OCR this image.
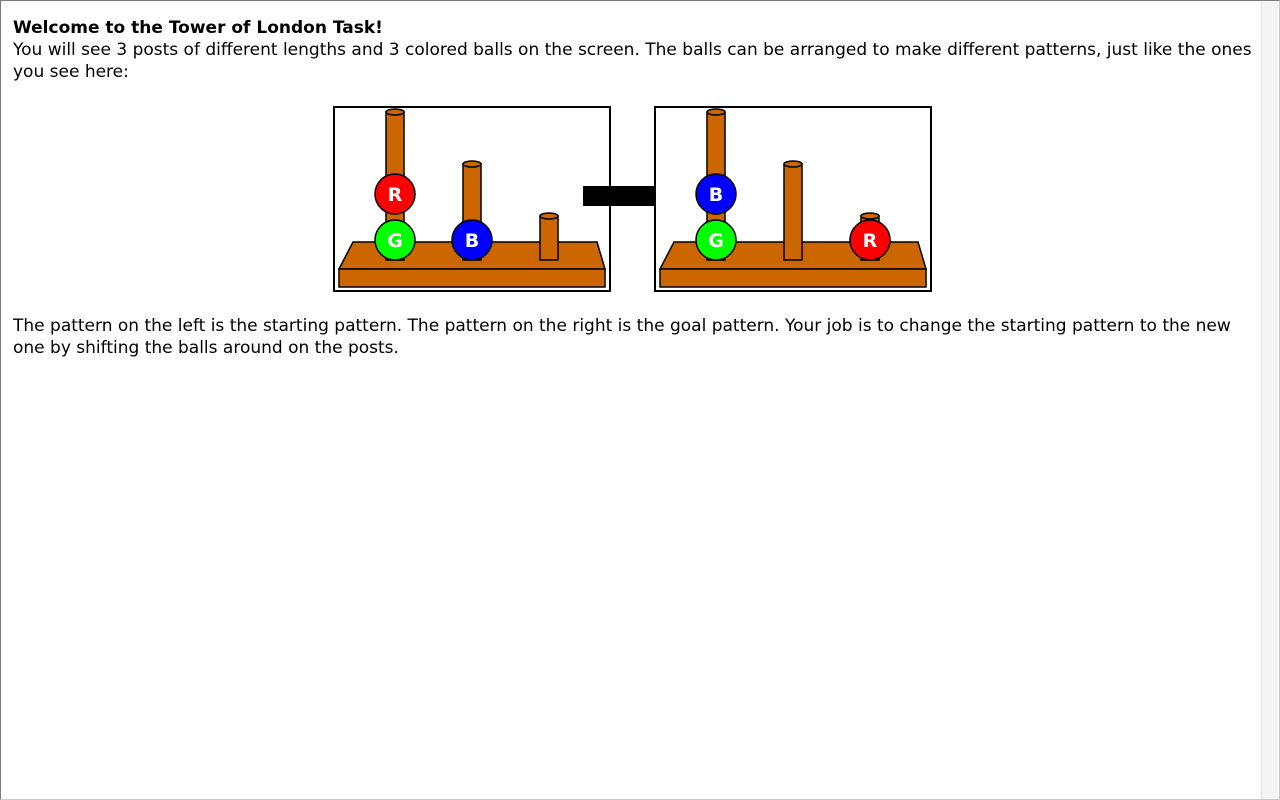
Welcome to the Tower of London Task!

You will see 3 posts of different lengths and 3 colored balls on the screen. The balls can be arranged to make different patterns, just like the ones you see here:

R
G	B
B
G	R

The pattern on the left is the starting pattern. The pattern on the right is the goal pattern. Your job is to change the starting pattern to the new one by shifting the balls around on the posts.
